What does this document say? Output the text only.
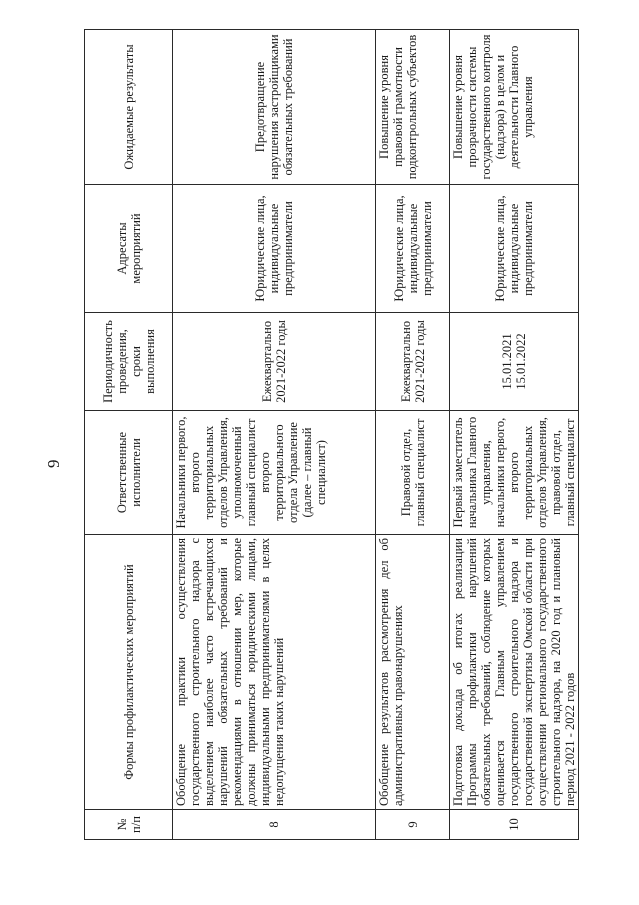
9
№ п/п	Формы профилактических мероприятий	Ответственные исполнители	Периодичность проведения, сроки выполнения	Адресаты мероприятий	Ожидаемые результаты
8	Обобщение практики осуществления государственного строительного надзора с выделением наиболее часто встречающихся нарушений обязательных требований и рекомендациями в отношении мер, которые должны приниматься юридическими лицами, индивидуальными предпринимателями в целях недопущения таких нарушений	Начальники первого, второго территориальных отделов Управления, уполномоченный главный специалист второго территориального отдела Управление (далее – главный специалист)	Ежеквартально 2021-2022 годы	Юридические лица, индивидуальные предприниматели	Предотвращение нарушения застройщиками обязательных требований
9	Обобщение результатов рассмотрения дел об административных правонарушениях	Правовой отдел, главный специалист	Ежеквартально 2021-2022 годы	Юридические лица, индивидуальные предприниматели	Повышение уровня правовой грамотности подконтрольных субъектов
10	Подготовка доклада об итогах реализации Программы профилактики нарушений обязательных требований, соблюдение которых оценивается Главным управлением государственного строительного надзора и государственной экспертизы Омской области при осуществлении регионального государственного строительного надзора, на 2020 год и плановый период 2021 - 2022 годов	Первый заместитель начальника Главного управления, начальники первого, второго территориальных отделов Управления, правовой отдел, главный специалист	15.01.2021 15.01.2022	Юридические лица, индивидуальные предприниматели	Повышение уровня прозрачности системы государственного контроля (надзора) в целом и деятельности Главного управления
